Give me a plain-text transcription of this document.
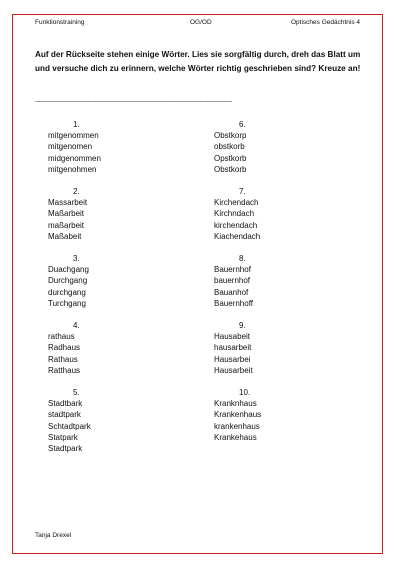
Funktionstraining	OG/OD	Optisches Gedächtnis 4
Auf der Rückseite stehen einige Wörter. Lies sie sorgfältig durch, dreh das Blatt um und versuche dich zu erinnern, welche Wörter richtig geschrieben sind? Kreuze an!
--------------------------------------------------------------------------------------------------------------------
1.
mitgenommen
mitgenomen
midgenommen
mitgenohmen
2.
Massarbeit
Maßarbeit
maßarbeit
Maßabeit
3.
Duachgang
Durchgang
durchgang
Turchgang
4.
rathaus
Radhaus
Rathaus
Ratthaus
5.
Stadtbark
stadtpark
Schtadtpark
Statpark
Stadtpark
6.
Obstkorp
obstkorb
Opstkorb
Obstkorb
7.
Kirchendach
Kirchndach
kirchendach
Kiachendach
8.
Bauernhof
bauernhof
Bauanhof
Bauernhoff
9.
Hausabeit
hausarbeit
Hausarbei
Hausarbeit
10.
Kranknhaus
Krankenhaus
krankenhaus
Krankehaus
Tanja Drexel
